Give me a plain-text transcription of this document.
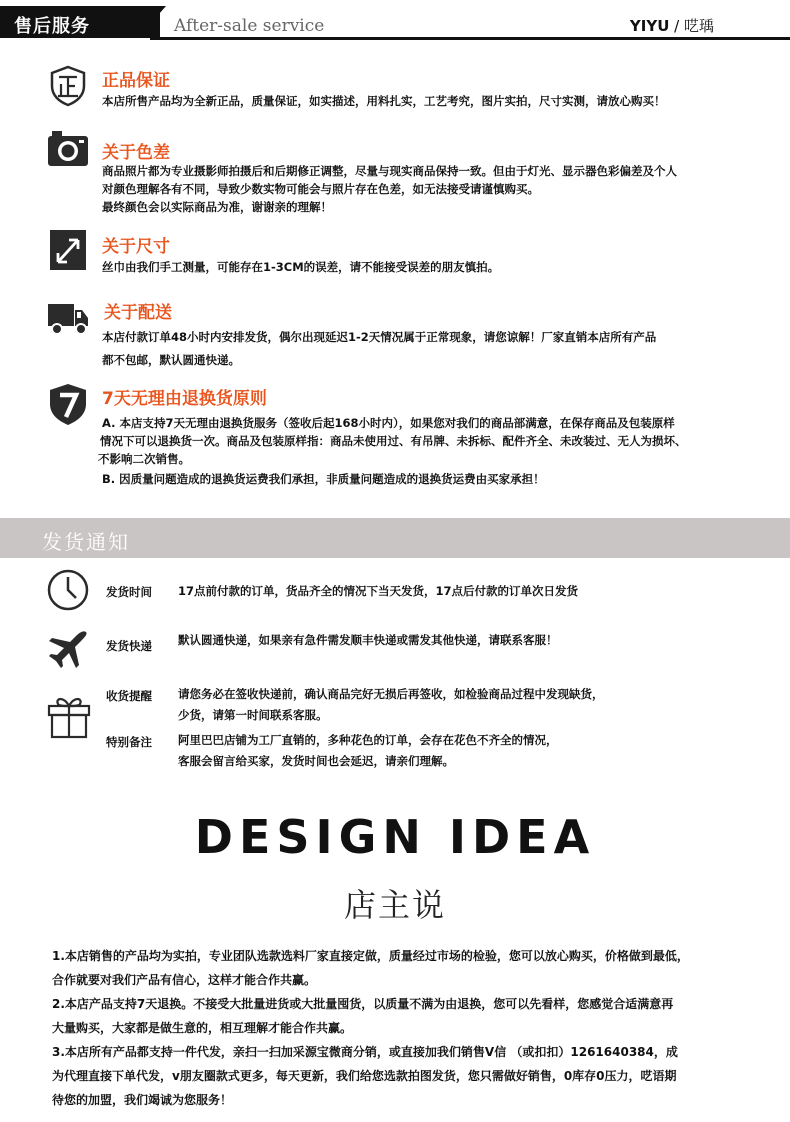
售后服务	After-sale service	YIYU / 呓瑀
正品保证
本店所售产品均为全新正品，质量保证，如实描述，用料扎实，工艺考究，图片实拍，尺寸实测，请放心购买！
关于色差
商品照片都为专业摄影师拍摄后和后期修正调整，尽量与现实商品保持一致。但由于灯光、显示器色彩偏差及个人
对颜色理解各有不同，导致少数实物可能会与照片存在色差，如无法接受请谨慎购买。
最终颜色会以实际商品为准，谢谢亲的理解！
关于尺寸
丝巾由我们手工测量，可能存在1-3CM的误差，请不能接受误差的朋友慎拍。
关于配送
本店付款订单48小时内安排发货，偶尔出现延迟1-2天情况属于正常现象，请您谅解！厂家直销本店所有产品
都不包邮，默认圆通快递。
7天无理由退换货原则
A. 本店支持7天无理由退换货服务（签收后起168小时内），如果您对我们的商品部满意，在保存商品及包装原样
情况下可以退换货一次。商品及包装原样指：商品未使用过、有吊牌、未拆标、配件齐全、未改装过、无人为损坏、
不影响二次销售。
B. 因质量问题造成的退换货运费我们承担，非质量问题造成的退换货运费由买家承担！
发货通知
发货时间 17点前付款的订单，货品齐全的情况下当天发货，17点后付款的订单次日发货
发货快递 默认圆通快递，如果亲有急件需发顺丰快递或需发其他快递，请联系客服！
收货提醒 请您务必在签收快递前，确认商品完好无损后再签收，如检验商品过程中发现缺货，
少货，请第一时间联系客服。
特别备注 阿里巴巴店铺为工厂直销的，多种花色的订单，会存在花色不齐全的情况，
客服会留言给买家，发货时间也会延迟，请亲们理解。
DESIGN IDEA
店主说
1.本店销售的产品均为实拍，专业团队选款选料厂家直接定做，质量经过市场的检验，您可以放心购买，价格做到最低，
合作就要对我们产品有信心，这样才能合作共赢。
2.本店产品支持7天退换。不接受大批量进货或大批量囤货，以质量不满为由退换，您可以先看样，您感觉合适满意再
大量购买，大家都是做生意的，相互理解才能合作共赢。
3.本店所有产品都支持一件代发，亲扫一扫加采源宝微商分销，或直接加我们销售V信 （或扣扣）1261640384，成
为代理直接下单代发，v朋友圈款式更多，每天更新，我们给您选款拍图发货，您只需做好销售，0库存0压力，呓语期
待您的加盟，我们竭诚为您服务！
